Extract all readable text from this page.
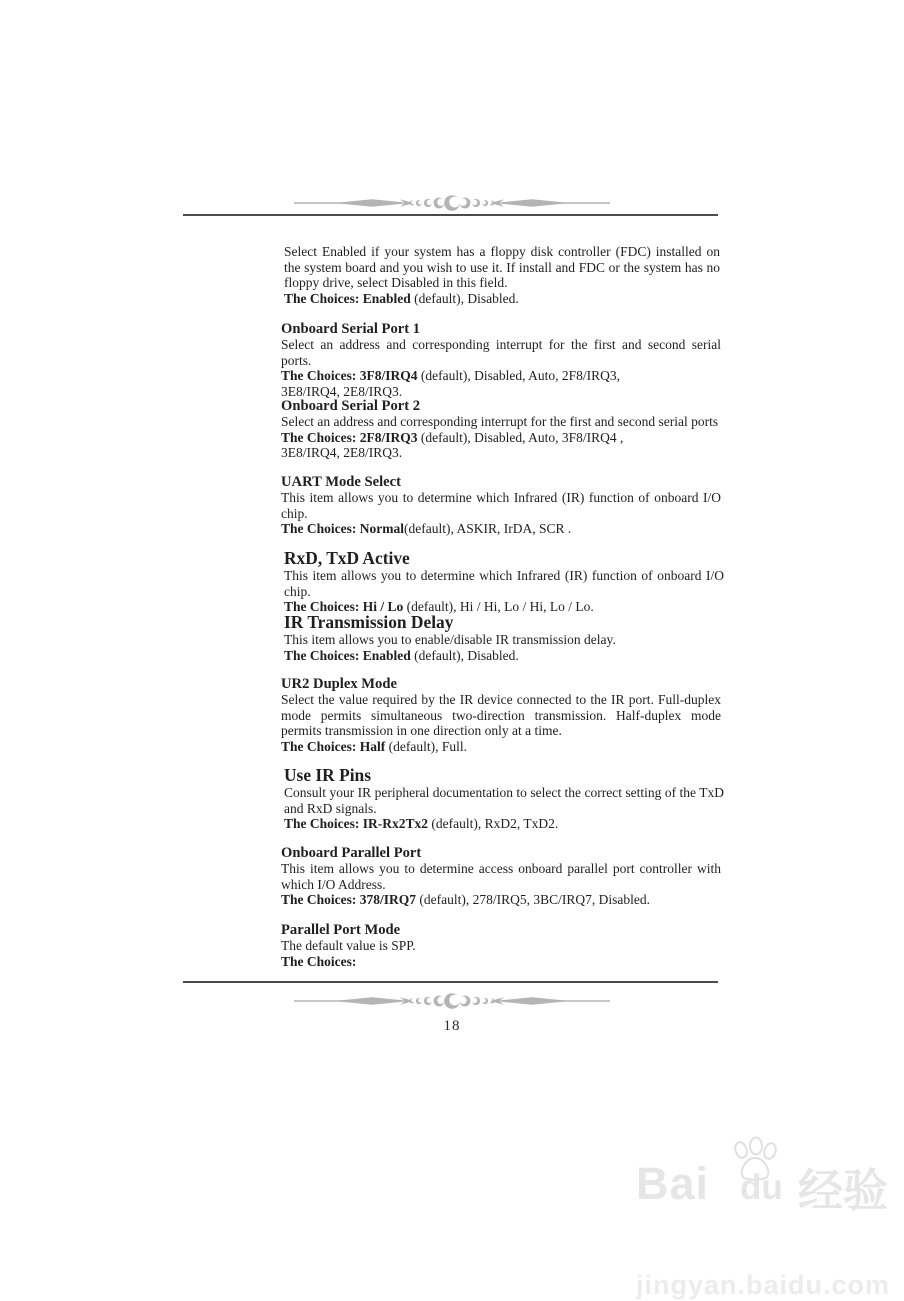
Select Enabled if your system has a floppy disk controller (FDC) installed on the system board and you wish to use it. If install and FDC or the system has no floppy drive, select Disabled in this field.

The Choices: Enabled (default), Disabled.
Onboard Serial Port 1

Select an address and corresponding interrupt for the first and second serial ports.

The Choices: 3F8/IRQ4 (default), Disabled, Auto, 2F8/IRQ3,
3E8/IRQ4, 2E8/IRQ3.
Onboard Serial Port 2

Select an address and corresponding interrupt for the first and second serial ports

The Choices: 2F8/IRQ3 (default), Disabled, Auto, 3F8/IRQ4 ,
3E8/IRQ4, 2E8/IRQ3.
UART Mode Select

This item allows you to determine which Infrared (IR) function of onboard I/O chip.

The Choices: Normal(default), ASKIR, IrDA, SCR .
RxD, TxD Active

This item allows you to determine which Infrared (IR) function of onboard I/O chip.

The Choices: Hi / Lo (default), Hi / Hi, Lo / Hi, Lo / Lo.
IR Transmission Delay

This item allows you to enable/disable IR transmission delay.

The Choices: Enabled (default), Disabled.
UR2 Duplex Mode

Select the value required by the IR device connected to the IR port. Full-duplex mode permits simultaneous two-direction transmission. Half-duplex mode permits transmission in one direction only at a time.

The Choices: Half (default), Full.
Use IR Pins

Consult your IR peripheral documentation to select the correct setting of the TxD and RxD signals.

The Choices: IR-Rx2Tx2 (default), RxD2, TxD2.
Onboard Parallel Port

This item allows you to determine access onboard parallel port controller with which I/O Address.

The Choices: 378/IRQ7 (default), 278/IRQ5, 3BC/IRQ7, Disabled.
Parallel Port Mode

The default value is SPP.

The Choices:
18
Bai du 经验
jingyan.baidu.com
